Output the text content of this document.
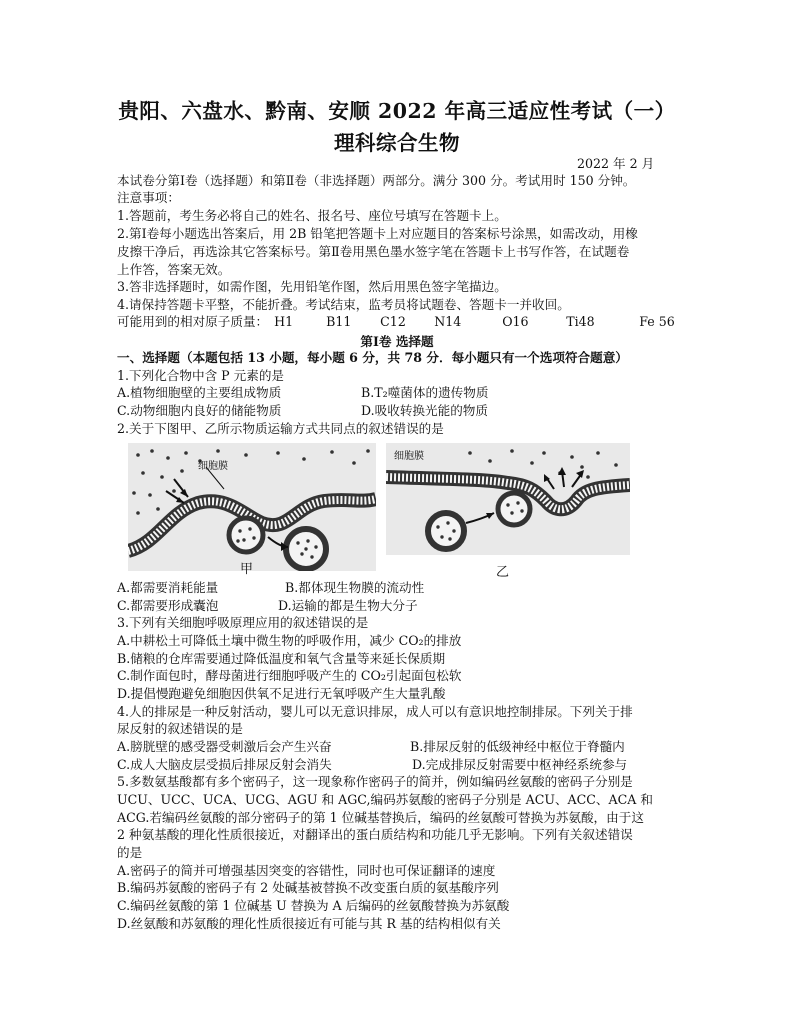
贵阳、六盘水、黔南、安顺 2022 年高三适应性考试（一）
理科综合生物
2022 年 2 月
本试卷分第Ⅰ卷（选择题）和第Ⅱ卷（非选择题）两部分。满分 300 分。考试用时 150 分钟。
注意事项：
1.答题前，考生务必将自己的姓名、报名号、座位号填写在答题卡上。
2.第Ⅰ卷每小题选出答案后，用 2B 铅笔把答题卡上对应题目的答案标号涂黑，如需改动，用橡
皮擦干净后，再选涂其它答案标号。第Ⅱ卷用黑色墨水签字笔在答题卡上书写作答，在试题卷
上作答，答案无效。
3.答非选择题时，如需作图，先用铅笔作图，然后用黑色签字笔描边。
4.请保持答题卡平整，不能折叠。考试结束，监考员将试题卷、答题卡一并收回。
可能用到的相对原子质量： H1	B11 C12 N14	O16	Ti48	Fe 56
第Ⅰ卷 选择题
一、选择题（本题包括 13 小题，每小题 6 分，共 78 分．每小题只有一个选项符合题意）
1.下列化合物中含 P 元素的是
A.植物细胞壁的主要组成物质	B.T₂噬菌体的遗传物质
C.动物细胞内良好的储能物质	D.吸收转换光能的物质
2.关于下图甲、乙所示物质运输方式共同点的叙述错误的是
细胞膜
细胞膜
甲	乙
A.都需要消耗能量	B.都体现生物膜的流动性
C.都需要形成囊泡	D.运输的都是生物大分子
3.下列有关细胞呼吸原理应用的叙述错误的是
A.中耕松土可降低土壤中微生物的呼吸作用，减少 CO₂的排放
B.储粮的仓库需要通过降低温度和氧气含量等来延长保质期
C.制作面包时，酵母菌进行细胞呼吸产生的 CO₂引起面包松软
D.提倡慢跑避免细胞因供氧不足进行无氧呼吸产生大量乳酸
4.人的排尿是一种反射活动，婴儿可以无意识排尿，成人可以有意识地控制排尿。下列关于排
尿反射的叙述错误的是
A.膀胱壁的感受器受刺激后会产生兴奋	B.排尿反射的低级神经中枢位于脊髓内
C.成人大脑皮层受损后排尿反射会消失	D.完成排尿反射需要中枢神经系统参与
5.多数氨基酸都有多个密码子，这一现象称作密码子的简并，例如编码丝氨酸的密码子分别是
UCU、UCC、UCA、UCG、AGU 和 AGC,编码苏氨酸的密码子分别是 ACU、ACC、ACA 和
ACG.若编码丝氨酸的部分密码子的第 1 位碱基替换后，编码的丝氨酸可替换为苏氨酸，由于这
2 种氨基酸的理化性质很接近，对翻译出的蛋白质结构和功能几乎无影响。下列有关叙述错误
的是
A.密码子的简并可增强基因突变的容错性，同时也可保证翻译的速度
B.编码苏氨酸的密码子有 2 处碱基被替换不改变蛋白质的氨基酸序列
C.编码丝氨酸的第 1 位碱基 U 替换为 A 后编码的丝氨酸替换为苏氨酸
D.丝氨酸和苏氨酸的理化性质很接近有可能与其 R 基的结构相似有关
